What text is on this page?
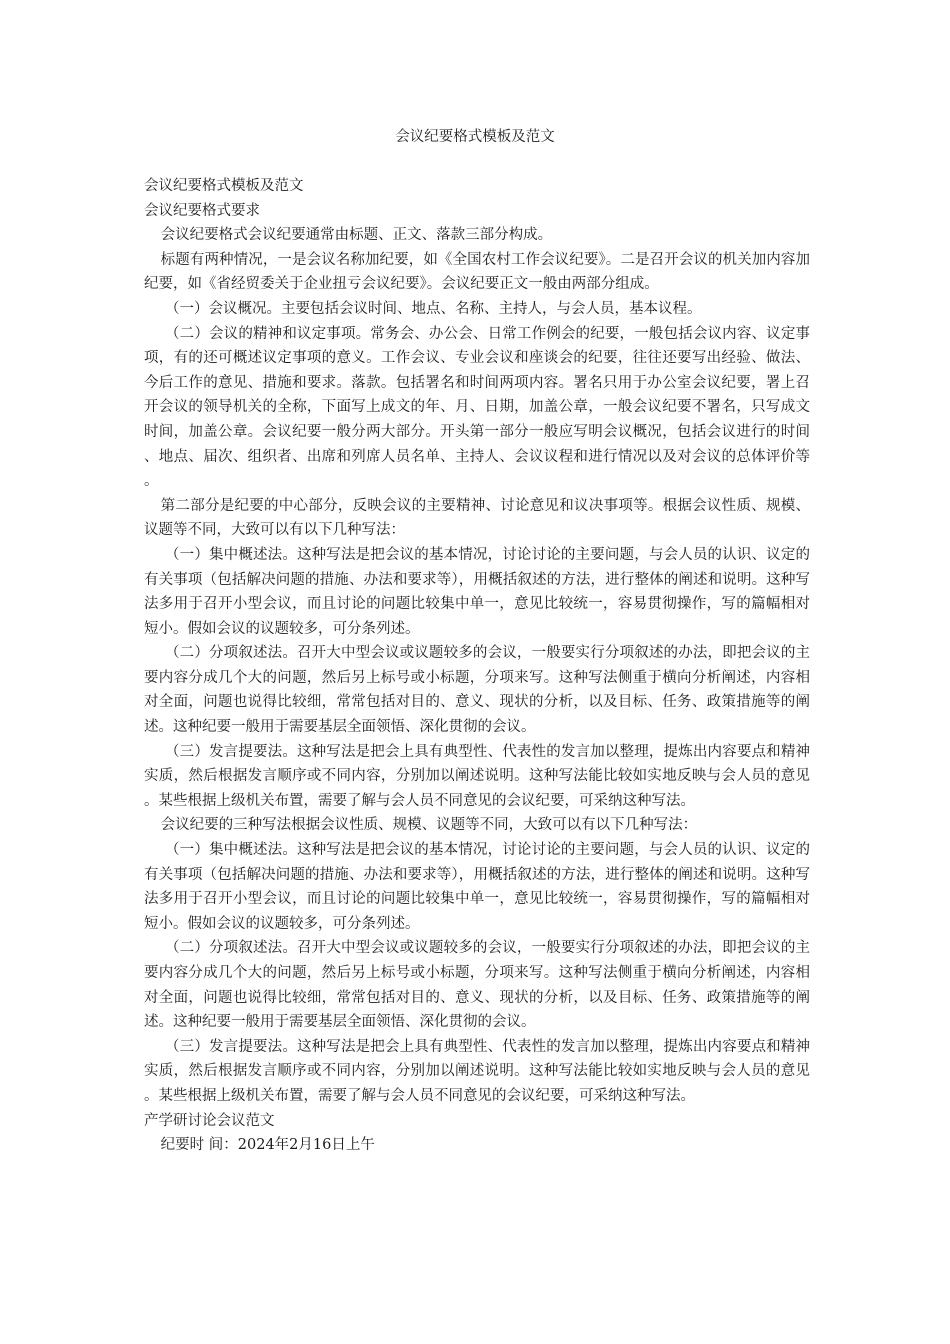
会议纪要格式模板及范文

会议纪要格式模板及范文

会议纪要格式要求

会议纪要格式会议纪要通常由标题、正文、落款三部分构成。

标题有两种情况，一是会议名称加纪要，如《全国农村工作会议纪要》。二是召开会议的机关加内容加纪要，如《省经贸委关于企业扭亏会议纪要》。会议纪要正文一般由两部分组成。

（一）会议概况。主要包括会议时间、地点、名称、主持人，与会人员，基本议程。

（二）会议的精神和议定事项。常务会、办公会、日常工作例会的纪要，一般包括会议内容、议定事项，有的还可概述议定事项的意义。工作会议、专业会议和座谈会的纪要，往往还要写出经验、做法、今后工作的意见、措施和要求。落款。包括署名和时间两项内容。署名只用于办公室会议纪要，署上召开会议的领导机关的全称，下面写上成文的年、月、日期，加盖公章，一般会议纪要不署名，只写成文时间，加盖公章。会议纪要一般分两大部分。开头第一部分一般应写明会议概况，包括会议进行的时间、地点、届次、组织者、出席和列席人员名单、主持人、会议议程和进行情况以及对会议的总体评价等。

第二部分是纪要的中心部分，反映会议的主要精神、讨论意见和议决事项等。根据会议性质、规模、议题等不同，大致可以有以下几种写法：

（一）集中概述法。这种写法是把会议的基本情况，讨论讨论的主要问题，与会人员的认识、议定的有关事项（包括解决问题的措施、办法和要求等），用概括叙述的方法，进行整体的阐述和说明。这种写法多用于召开小型会议，而且讨论的问题比较集中单一，意见比较统一，容易贯彻操作，写的篇幅相对短小。假如会议的议题较多，可分条列述。

（二）分项叙述法。召开大中型会议或议题较多的会议，一般要实行分项叙述的办法，即把会议的主要内容分成几个大的问题，然后另上标号或小标题，分项来写。这种写法侧重于横向分析阐述，内容相对全面，问题也说得比较细，常常包括对目的、意义、现状的分析，以及目标、任务、政策措施等的阐述。这种纪要一般用于需要基层全面领悟、深化贯彻的会议。

（三）发言提要法。这种写法是把会上具有典型性、代表性的发言加以整理，提炼出内容要点和精神实质，然后根据发言顺序或不同内容，分别加以阐述说明。这种写法能比较如实地反映与会人员的意见。某些根据上级机关布置，需要了解与会人员不同意见的会议纪要，可采纳这种写法。

会议纪要的三种写法根据会议性质、规模、议题等不同，大致可以有以下几种写法：

（一）集中概述法。这种写法是把会议的基本情况，讨论讨论的主要问题，与会人员的认识、议定的有关事项（包括解决问题的措施、办法和要求等），用概括叙述的方法，进行整体的阐述和说明。这种写法多用于召开小型会议，而且讨论的问题比较集中单一，意见比较统一，容易贯彻操作，写的篇幅相对短小。假如会议的议题较多，可分条列述。

（二）分项叙述法。召开大中型会议或议题较多的会议，一般要实行分项叙述的办法，即把会议的主要内容分成几个大的问题，然后另上标号或小标题，分项来写。这种写法侧重于横向分析阐述，内容相对全面，问题也说得比较细，常常包括对目的、意义、现状的分析，以及目标、任务、政策措施等的阐述。这种纪要一般用于需要基层全面领悟、深化贯彻的会议。

（三）发言提要法。这种写法是把会上具有典型性、代表性的发言加以整理，提炼出内容要点和精神实质，然后根据发言顺序或不同内容，分别加以阐述说明。这种写法能比较如实地反映与会人员的意见。某些根据上级机关布置，需要了解与会人员不同意见的会议纪要，可采纳这种写法。

产学研讨论会议范文

纪要时 间：2024年2月16日上午
